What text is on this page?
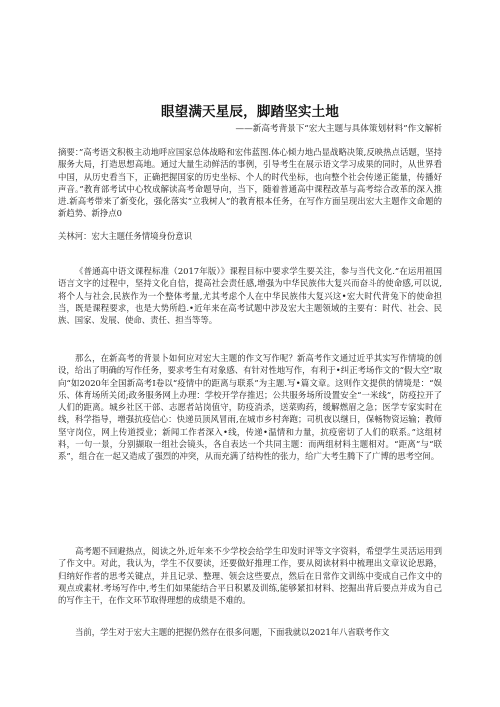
眼望满天星辰，脚踏坚实土地
——新高考背景下“宏大主题与具体策划材料”作文解析
摘要：”高考语文积极主动地呼应国家总体战略和宏伟蓝图.体心倾力地凸显战略决策,反映热点话题，坚持服务大局，打造思想高地。通过大量生动鲜活的事例，引导考生在展示语文学习成果的同时，从世界看中国，从历史看当下，正确把握国家的历史坐标、个人的时代坐标，也向整个社会传递正能量，传播好声音。”教育部考试中心牧成解读高考命题导向，当下，随着普通高中课程改革与高考综合改革的深入推进.新高考带来了新变化，强化落实“立我树人”的教育根本任务，在写作方面呈现出宏大主题作文命题的新趋势、新挣点0
关林河：宏大主题任务情境身份意识
《普通高中语文课程标准（2017年版）》课程目标中要求学生要关注，参与当代文化.”在运用祖国语言文字的过程中，坚持文化自信，提高社会责任感,增强为中华民族伟大复兴而奋斗的使命感,可以说,将个人与社会,民族作为一个整体考量,尤其考虑个人在中华民族伟大复兴这•宏大时代背兔下的使命担当，既是课程要求，也是大势所趋.•近年来在高考试题中涉及宏大主题领域的主要有：时代、社会、民族、国家、发展、使命、责任、担当等等。
那么，在新高考的背景卜如何应对宏大主题的作文写作呢？新高考作文通过近乎其实写作情境的创设，给出了明确的写作任务，要求考生有对象感、有针对性地写作，有利于•纠正考场作文的“假大空”取向“如2020年全国新高考I卷以“疫情中的距离与联系”为主题.写•篇文章。这则作文提供的情境是：“娱乐、体育场所关闭;政务服务网上办理：学校开学存推迟；公共服务场所设置安全“一米线”，防疫拉开了人们的距离。城乡社区干部、志愿者站岗值守，防疫消杀，送菜购药，缓解燃眉之急；医学专家实时在线，科学指导，增强抗疫信心：快递员顶风冒雨,在城市乡村奔跑；司机夜以继日，保畅物资运输；教师坚守岗位，网上传道授业；新闻工作者深入•线，传递•温情和力量，抗疫密切了人们的联系。”这组材料，一句一景，分别撷取一组社会镜头，各自表达一个共同主题：而两组材料主题相对。“距离”与“联系”，组合在一起又造成了强烈的冲突，从而充满了结构性的张力，给广大考生腾下了广博的思考空间。
高考题不回避热点，阅读之外,近年来不少学校会给学生印发时评等文字资料，希望学生灵活运用到了作文中。对此，我认为，学生不仅要读，还要做好推理工作，要从阅读材料中梳理出文章议论思路，归纳好作者的思考关键点，并且记录、整理、领会这些要点，然后在日常作文训练中变成自己作文中的观点或素材.考场写作中,考生们如果能结合平日积累及训练,能够紧扣材料、挖掘出背后要点并成为自己的写作主干，在作文环节取得理想的成绩是不难的。
当前，学生对于宏大主题的把握仍然存在很多问题，下面我就以2021年八省联考作文
